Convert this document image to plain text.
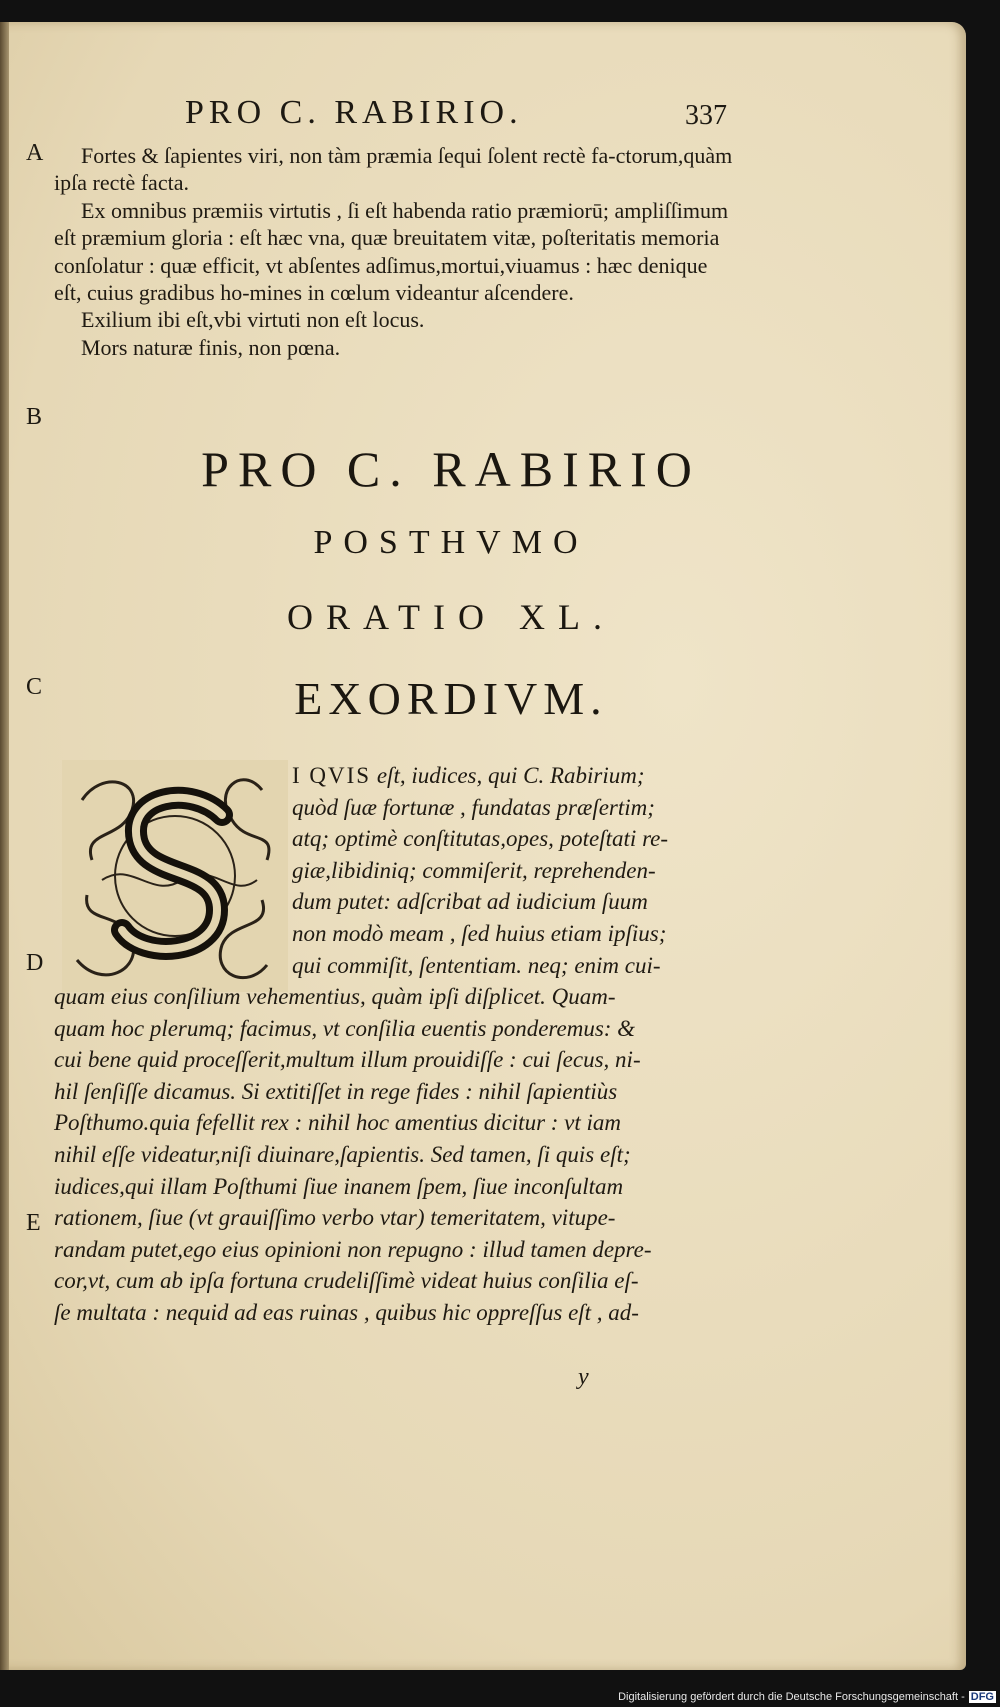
PRO C. RABIRIO.	337
A
B
C
D
E

Fortes & ſapientes viri, non tàm præmia ſequi ſolent rectè fa-ctorum,quàm ipſa rectè facta.

Ex omnibus præmiis virtutis , ſi eſt habenda ratio præmiorū; ampliſſimum eſt præmium gloria : eſt hæc vna, quæ breuitatem vitæ, poſteritatis memoria conſolatur : quæ efficit, vt abſentes adſimus,mortui,viuamus : hæc denique eſt, cuius gradibus ho-mines in cœlum videantur aſcendere.

Exilium ibi eſt,vbi virtuti non eſt locus.

Mors naturæ finis, non pœna.

PRO C. RABIRIO
POSTHVMO
ORATIO XL.
EXORDIVM.

I QVIS eſt, iudices, qui C. Rabirium;

quòd ſuæ fortunæ , fundatas præſertim;

atq; optimè conſtitutas,opes, poteſtati re-

giæ,libidiniq; commiſerit, reprehenden-

dum putet: adſcribat ad iudicium ſuum

non modò meam , ſed huius etiam ipſius;

qui commiſit, ſententiam. neq; enim cui-

quam eius conſilium vehementius, quàm ipſi diſplicet. Quam-

quam hoc plerumq; facimus, vt conſilia euentis ponderemus: &

cui bene quid proceſſerit,multum illum prouidiſſe : cui ſecus, ni-

hil ſenſiſſe dicamus. Si extitiſſet in rege fides : nihil ſapientiùs

Poſthumo.quia fefellit rex : nihil hoc amentius dicitur : vt iam

nihil eſſe videatur,niſi diuinare,ſapientis. Sed tamen, ſi quis eſt;

iudices,qui illam Poſthumi ſiue inanem ſpem, ſiue inconſultam

rationem, ſiue (vt grauiſſimo verbo vtar) temeritatem, vitupe-

randam putet,ego eius opinioni non repugno : illud tamen depre-

cor,vt, cum ab ipſa fortuna crudeliſſimè videat huius conſilia eſ-

ſe multata : nequid ad eas ruinas , quibus hic oppreſſus eſt , ad-

y
Digitalisierung gefördert durch die Deutsche Forschungsgemeinschaft - DFG
